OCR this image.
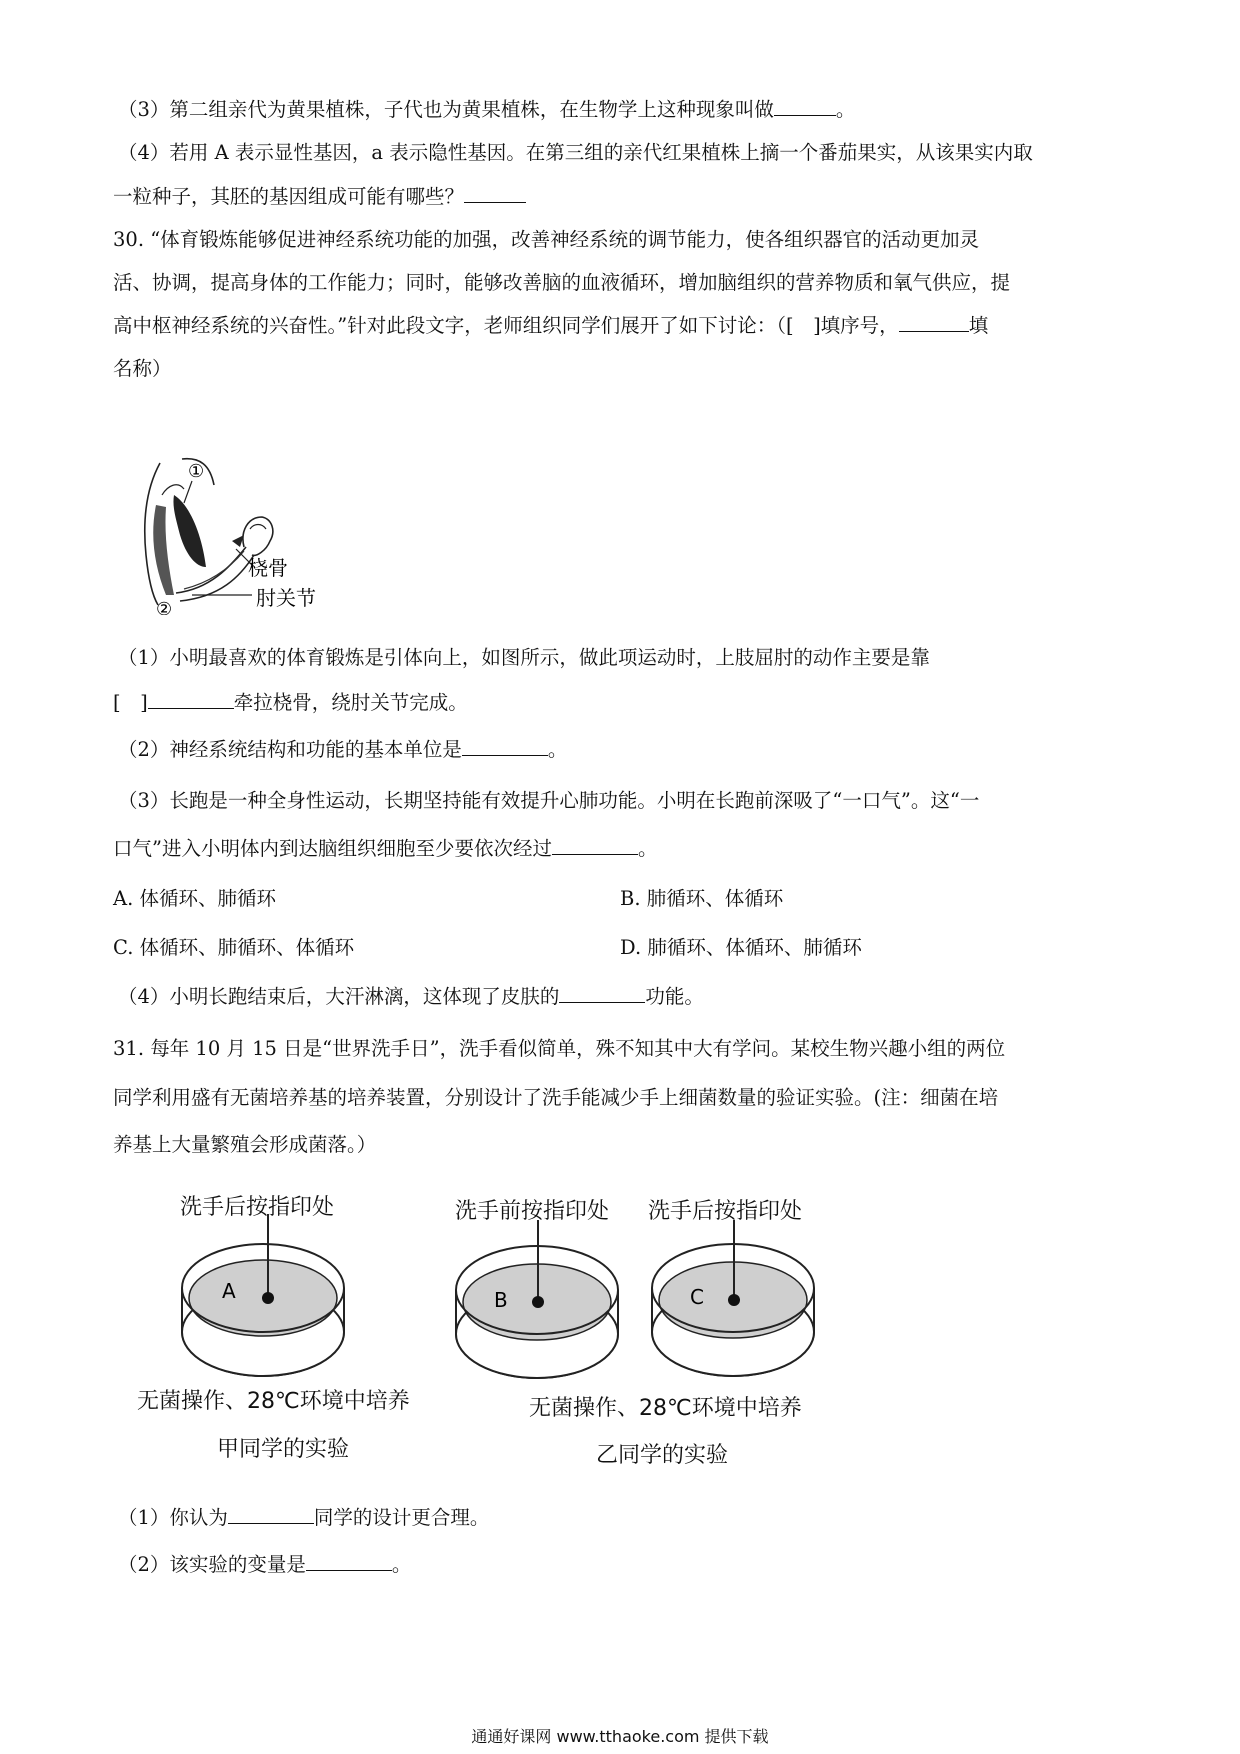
（3）第二组亲代为黄果植株，子代也为黄果植株，在生物学上这种现象叫做	。
（4）若用 A 表示显性基因，a 表示隐性基因。在第三组的亲代红果植株上摘一个番茄果实，从该果实内取
一粒种子，其胚的基因组成可能有哪些？
30. “体育锻炼能够促进神经系统功能的加强，改善神经系统的调节能力，使各组织器官的活动更加灵
活、协调，提高身体的工作能力；同时，能够改善脑的血液循环，增加脑组织的营养物质和氧气供应，提
高中枢神经系统的兴奋性。”针对此段文字，老师组织同学们展开了如下讨论：（[　]填序号，	填
名称）
①
②
桡骨
肘关节
（1）小明最喜欢的体育锻炼是引体向上，如图所示，做此项运动时，上肢屈肘的动作主要是靠
[　]	牵拉桡骨，绕肘关节完成。
（2）神经系统结构和功能的基本单位是	。
（3）长跑是一种全身性运动，长期坚持能有效提升心肺功能。小明在长跑前深吸了“一口气”。这“一
口气”进入小明体内到达脑组织细胞至少要依次经过	。
A. 体循环、肺循环	B. 肺循环、体循环
C. 体循环、肺循环、体循环	D. 肺循环、体循环、肺循环
（4）小明长跑结束后，大汗淋漓，这体现了皮肤的	功能。
31. 每年 10 月 15 日是“世界洗手日”，洗手看似简单，殊不知其中大有学问。某校生物兴趣小组的两位
同学利用盛有无菌培养基的培养装置，分别设计了洗手能减少手上细菌数量的验证实验。(注：细菌在培
养基上大量繁殖会形成菌落。）
A	B	C
洗手后按指印处	洗手前按指印处 洗手后按指印处
无菌操作、28℃环境中培养
甲同学的实验
无菌操作、28℃环境中培养
乙同学的实验
（1）你认为	同学的设计更合理。
（2）该实验的变量是	。
通通好课网 www.tthaoke.com 提供下载
